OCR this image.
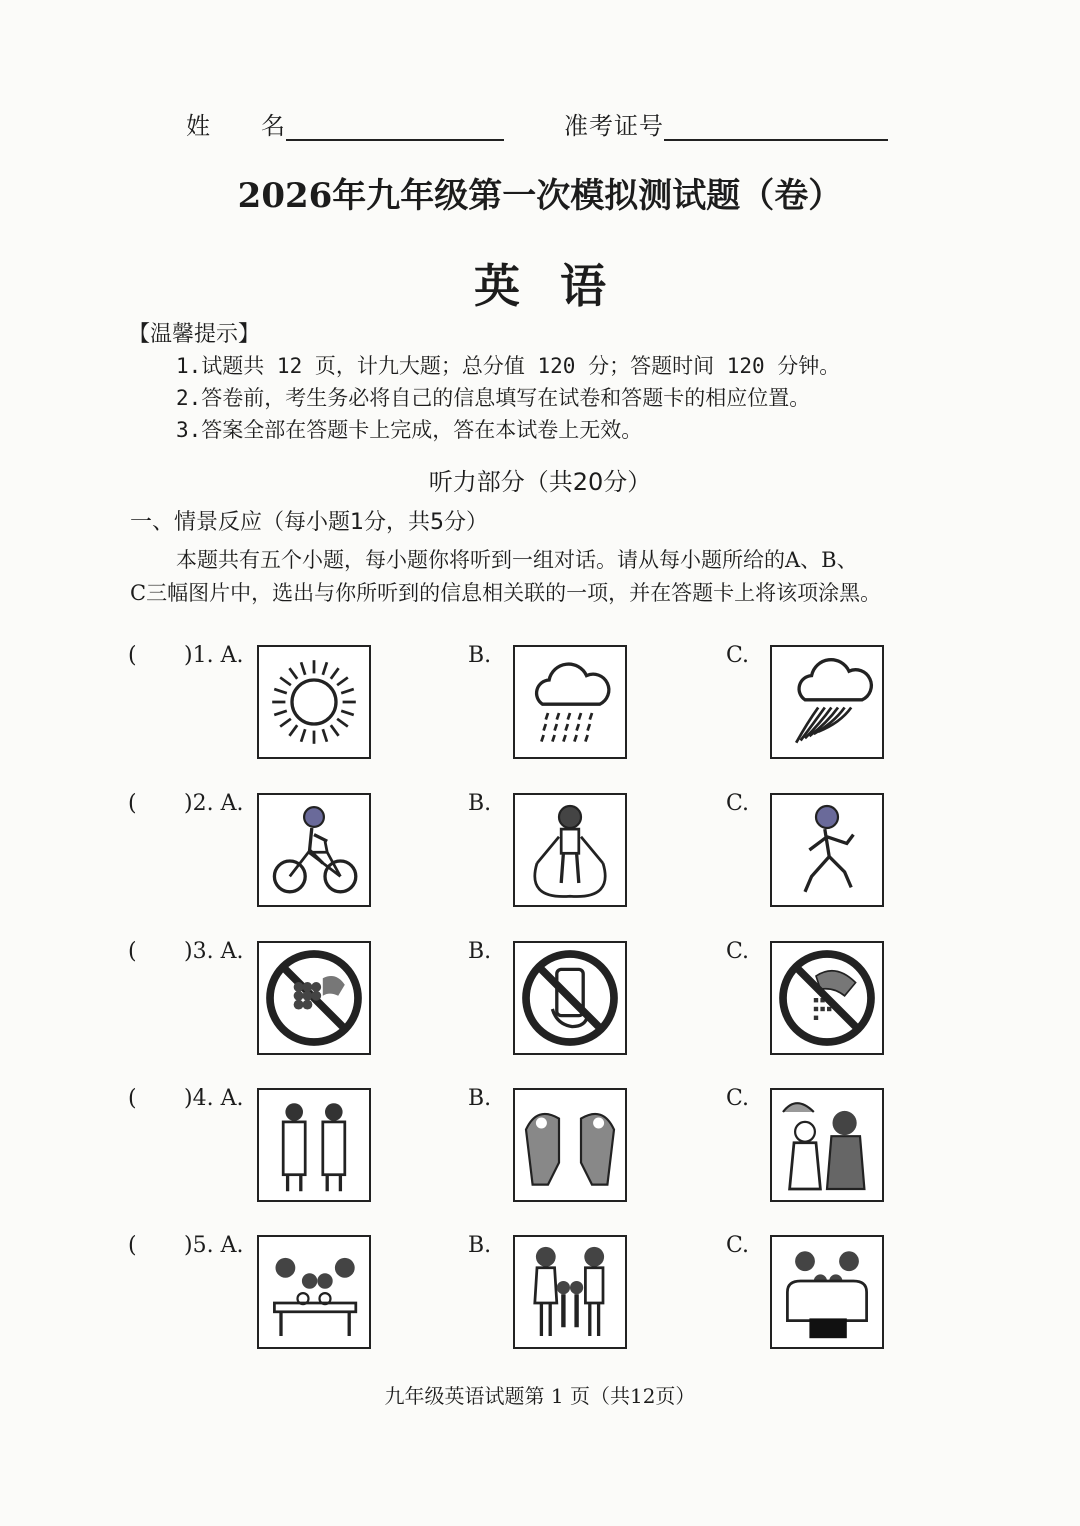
姓　　名	准考证号
2026年九年级第一次模拟测试题（卷）
英语
【温馨提示】
1.试题共 12 页，计九大题；总分值 120 分；答题时间 120 分钟。
2.答卷前，考生务必将自己的信息填写在试卷和答题卡的相应位置。
3.答案全部在答题卡上完成，答在本试卷上无效。
听力部分（共20分）
一、情景反应（每小题1分，共5分）
本题共有五个小题，每小题你将听到一组对话。请从每小题所给的A、B、
C三幅图片中，选出与你所听到的信息相关联的一项，并在答题卡上将该项涂黑。
( )1. A.	B.	C.
( )2. A.	B.	C.
( )3. A.	B.	C.
( )4. A.	B.	C.
( )5. A.	B.	C.
九年级英语试题第 1 页（共12页）
